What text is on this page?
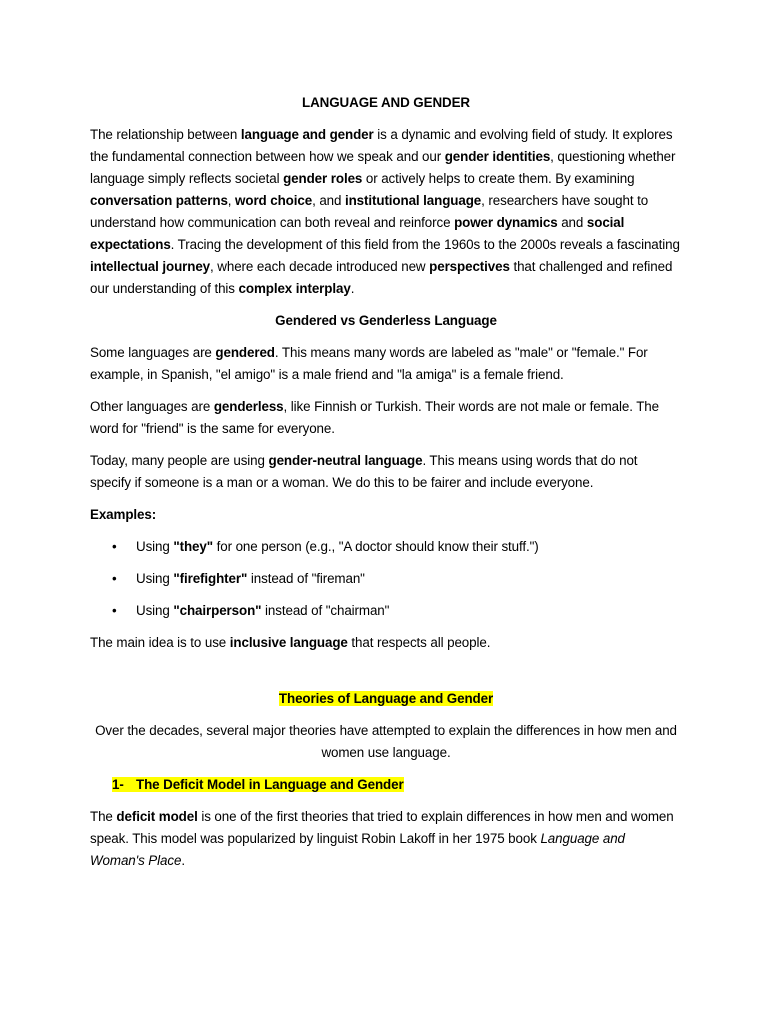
LANGUAGE AND GENDER

The relationship between language and gender is a dynamic and evolving field of study. It explores the fundamental connection between how we speak and our gender identities, questioning whether language simply reflects societal gender roles or actively helps to create them. By examining conversation patterns, word choice, and institutional language, researchers have sought to understand how communication can both reveal and reinforce power dynamics and social expectations. Tracing the development of this field from the 1960s to the 2000s reveals a fascinating intellectual journey, where each decade introduced new perspectives that challenged and refined our understanding of this complex interplay.

Gendered vs Genderless Language

Some languages are gendered. This means many words are labeled as "male" or "female." For example, in Spanish, "el amigo" is a male friend and "la amiga" is a female friend.

Other languages are genderless, like Finnish or Turkish. Their words are not male or female. The word for "friend" is the same for everyone.

Today, many people are using gender-neutral language. This means using words that do not specify if someone is a man or a woman. We do this to be fairer and include everyone.

Examples:

• Using "they" for one person (e.g., "A doctor should know their stuff.")
• Using "firefighter" instead of "fireman"
• Using "chairperson" instead of "chairman"

The main idea is to use inclusive language that respects all people.

Theories of Language and Gender

Over the decades, several major theories have attempted to explain the differences in how men and women use language.

1- The Deficit Model in Language and Gender

The deficit model is one of the first theories that tried to explain differences in how men and women speak. This model was popularized by linguist Robin Lakoff in her 1975 book Language and Woman's Place.
